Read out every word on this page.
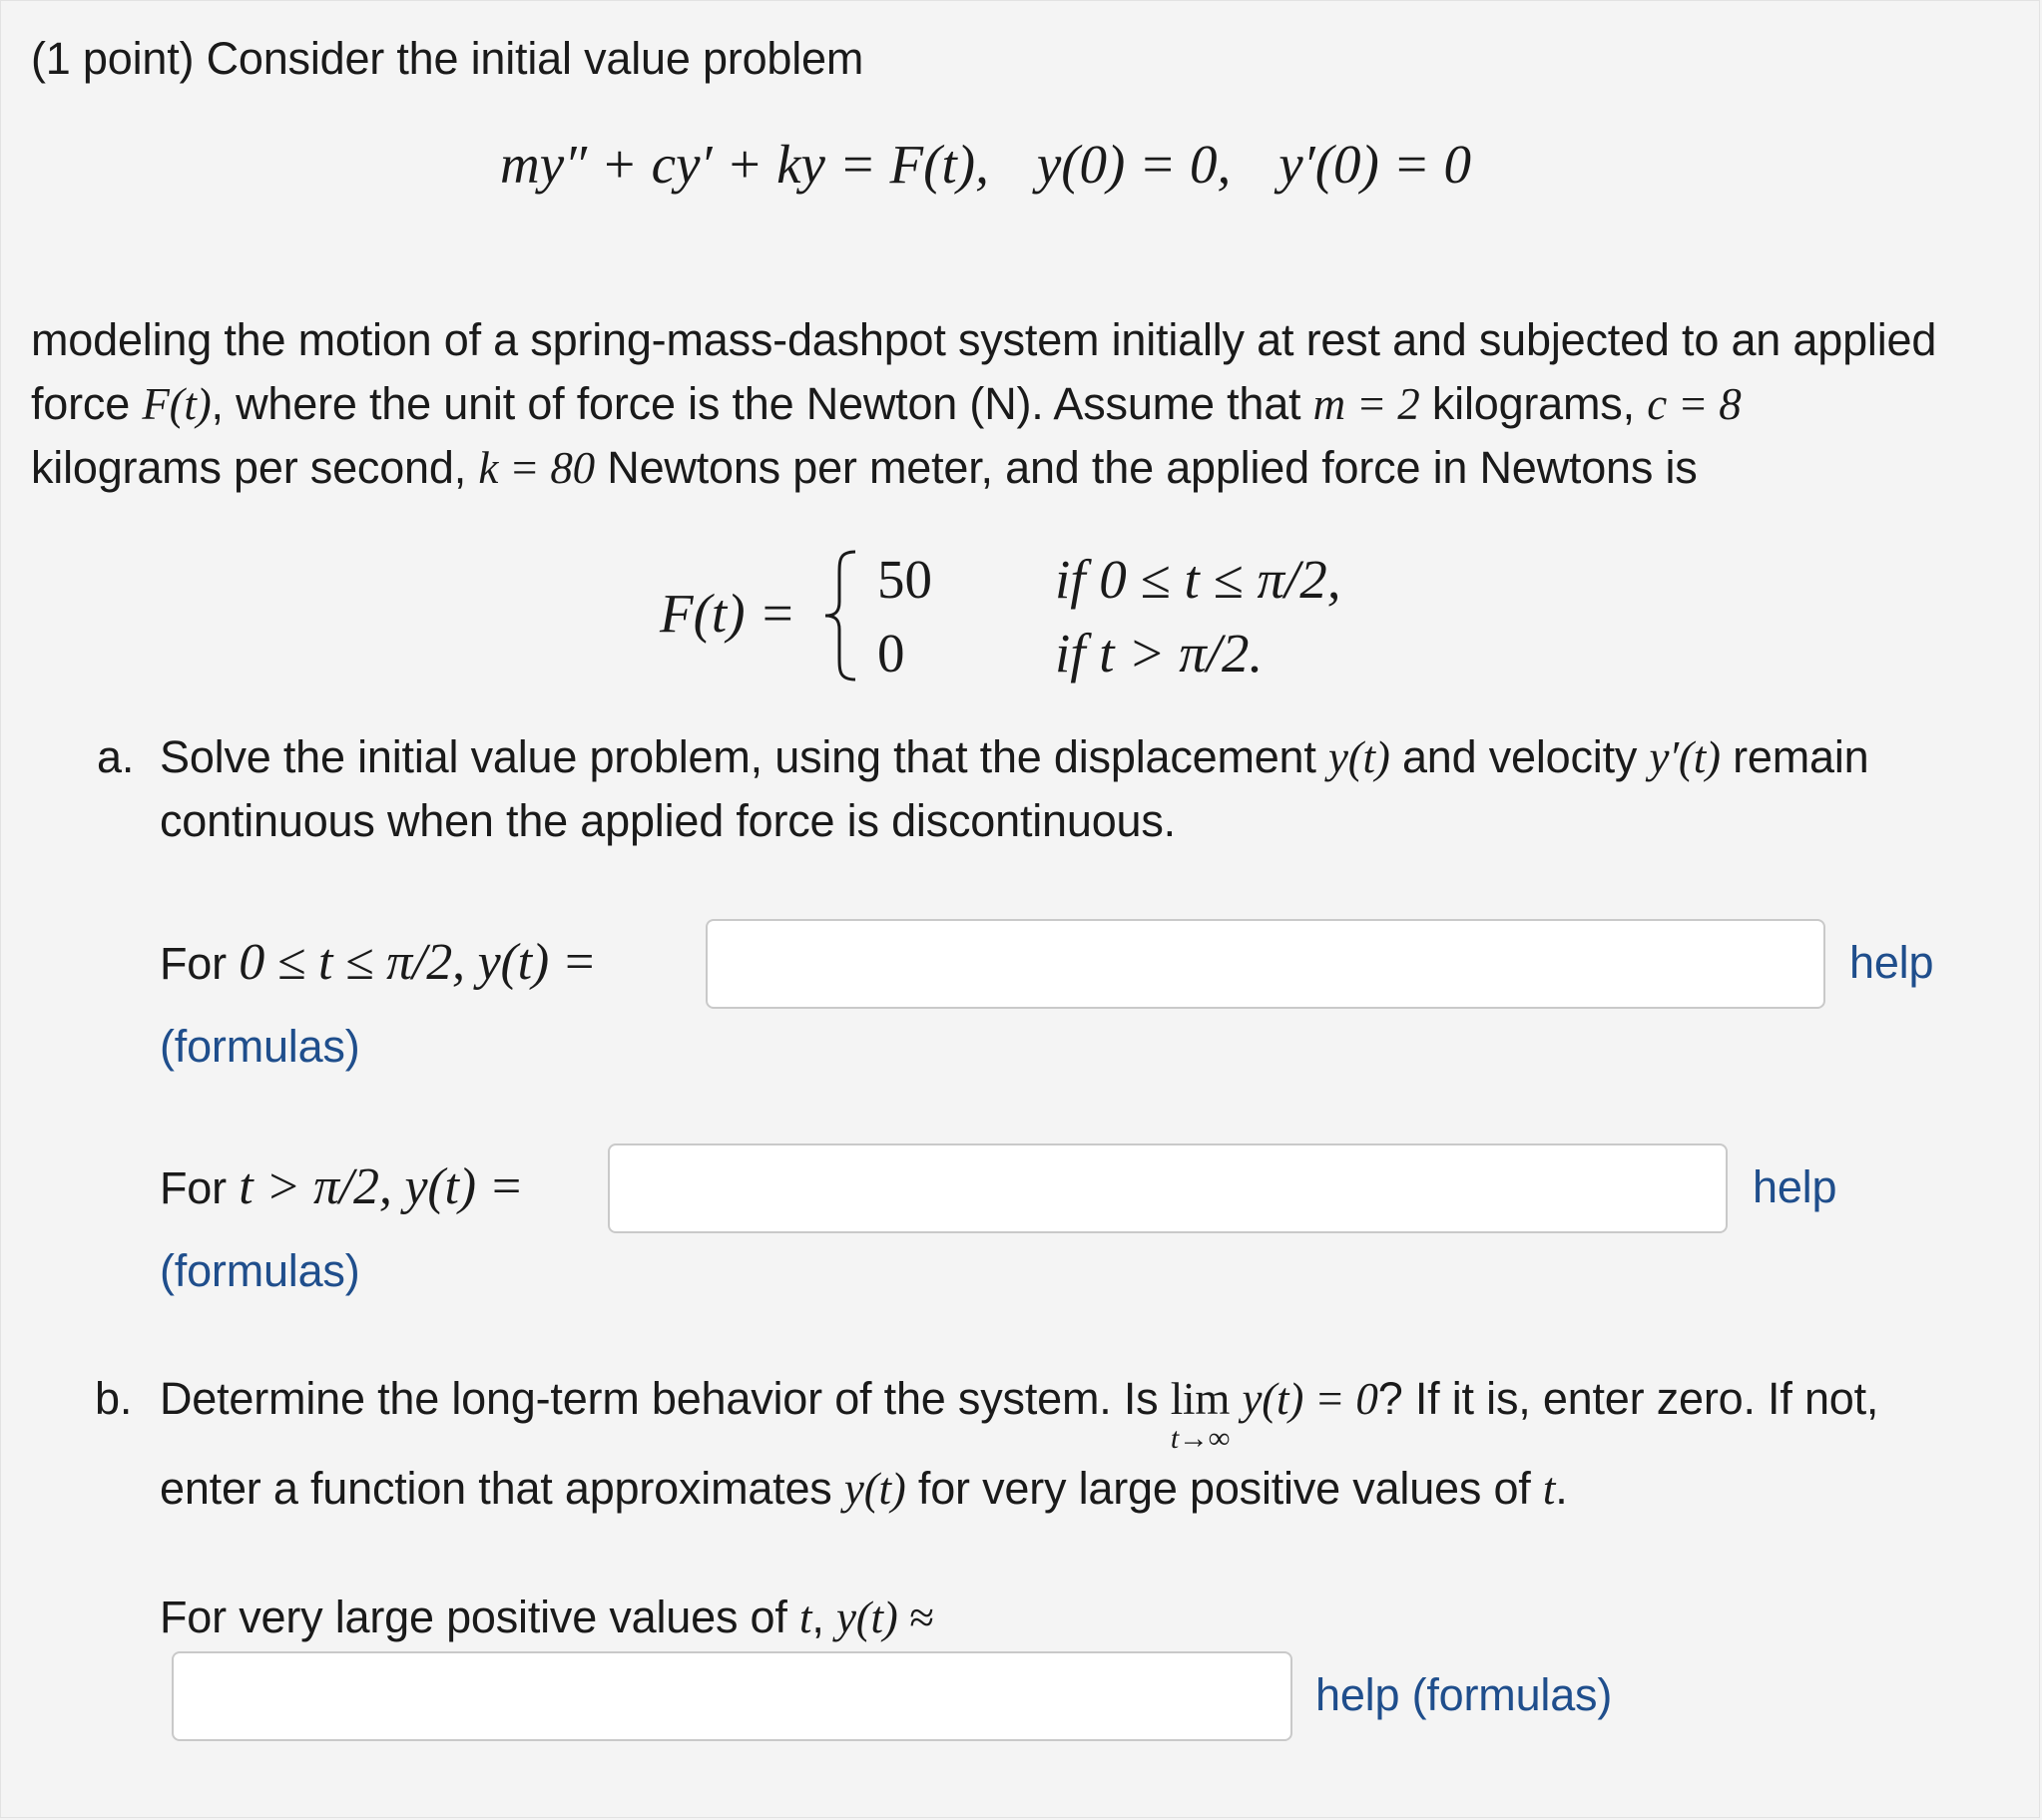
(1 point) Consider the initial value problem
my″ + cy′ + ky = F(t), y(0) = 0, y′(0) = 0
modeling the motion of a spring-mass-dashpot system initially at rest and subjected to an applied
force F(t), where the unit of force is the Newton (N). Assume that m = 2 kilograms, c = 8
kilograms per second, k = 80 Newtons per meter, and the applied force in Newtons is
F(t) =
50 if 0 ≤ t ≤ π/2,
0	if t > π/2.
a. Solve the initial value problem, using that the displacement y(t) and velocity y′(t) remain
continuous when the applied force is discontinuous.
For 0 ≤ t ≤ π/2, y(t) =	help
(formulas)
For t > π/2, y(t) =	help
(formulas)
b. Determine the long-term behavior of the system. Is lim
t→∞
y(t) = 0? If it is, enter zero. If not,
enter a function that approximates y(t) for very large positive values of t.
For very large positive values of t, y(t) ≈
help (formulas)
